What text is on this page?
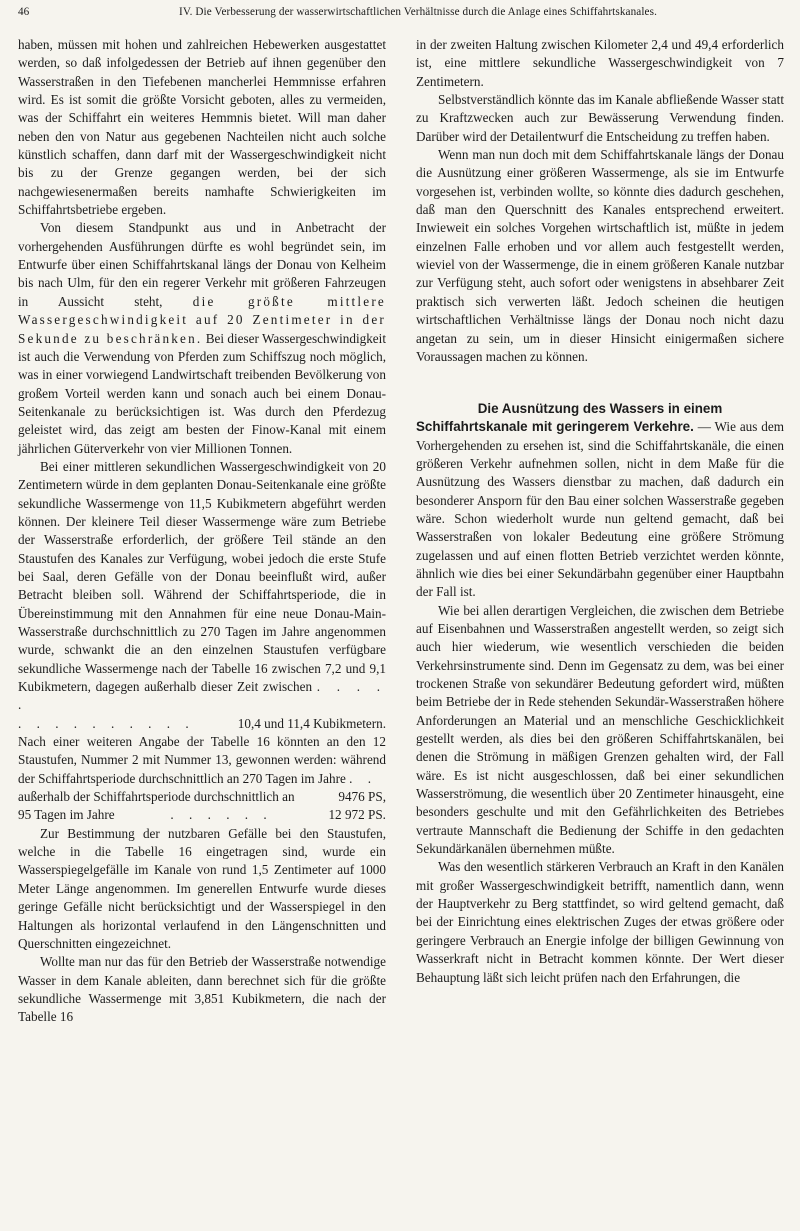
46	IV. Die Verbesserung der wasserwirtschaftlichen Verhältnisse durch die Anlage eines Schiffahrtskanales.

haben, müssen mit hohen und zahlreichen Hebewerken ausgestattet werden, so daß infolgedessen der Betrieb auf ihnen gegenüber den Wasserstraßen in den Tiefebenen mancherlei Hemmnisse erfahren wird. Es ist somit die größte Vorsicht geboten, alles zu vermeiden, was der Schiffahrt ein weiteres Hemmnis bietet. Will man daher neben den von Natur aus gegebenen Nachteilen nicht auch solche künstlich schaffen, dann darf mit der Wassergeschwindigkeit nicht bis zu der Grenze gegangen werden, bei der sich nachgewiesenermaßen bereits namhafte Schwierigkeiten im Schiffahrtsbetriebe ergeben.

Von diesem Standpunkt aus und in Anbetracht der vorhergehenden Ausführungen dürfte es wohl begründet sein, im Entwurfe über einen Schiffahrtskanal längs der Donau von Kelheim bis nach Ulm, für den ein regerer Verkehr mit größeren Fahrzeugen in Aussicht steht, die größte mittlere Wassergeschwindigkeit auf 20 Zentimeter in der Sekunde zu beschränken. Bei dieser Wassergeschwindigkeit ist auch die Verwendung von Pferden zum Schiffszug noch möglich, was in einer vorwiegend Landwirtschaft treibenden Bevölkerung von großem Vorteil werden kann und sonach auch bei einem Donau-Seitenkanale zu berücksichtigen ist. Was durch den Pferdezug geleistet wird, das zeigt am besten der Finow-Kanal mit einem jährlichen Güterverkehr von vier Millionen Tonnen.

Bei einer mittleren sekundlichen Wassergeschwindigkeit von 20 Zentimetern würde in dem geplanten Donau-Seitenkanale eine größte sekundliche Wassermenge von 11,5 Kubikmetern abgeführt werden können. Der kleinere Teil dieser Wassermenge wäre zum Betriebe der Wasserstraße erforderlich, der größere Teil stände an den Staustufen des Kanales zur Verfügung, wobei jedoch die erste Stufe bei Saal, deren Gefälle von der Donau beeinflußt wird, außer Betracht bleiben soll. Während der Schiffahrtsperiode, die in Übereinstimmung mit den Annahmen für eine neue Donau-Main-Wasserstraße durchschnittlich zu 270 Tagen im Jahre angenommen wurde, schwankt die an den einzelnen Staustufen verfügbare sekundliche Wassermenge nach der Tabelle 16 zwischen 7,2 und 9,1 Kubikmetern, dagegen außerhalb dieser Zeit zwischen . . . . .

. . . . . . . . . .	10,4 und 11,4 Kubikmetern.

Nach einer weiteren Angabe der Tabelle 16 könnten an den 12 Staustufen, Nummer 2 mit Nummer 13, gewonnen werden: während der Schiffahrtsperiode durchschnittlich an 270 Tagen im Jahre . .
9476 PS,

außerhalb der Schiffahrtsperiode durchschnittlich an

95 Tagen im Jahre	. . . . . .	12 972 PS.

Zur Bestimmung der nutzbaren Gefälle bei den Staustufen, welche in die Tabelle 16 eingetragen sind, wurde ein Wasserspiegelgefälle im Kanale von rund 1,5 Zentimeter auf 1000 Meter Länge angenommen. Im generellen Entwurfe wurde dieses geringe Gefälle nicht berücksichtigt und der Wasserspiegel in den Haltungen als horizontal verlaufend in den Längenschnitten und Querschnitten eingezeichnet.

Wollte man nur das für den Betrieb der Wasserstraße notwendige Wasser in dem Kanale ableiten, dann berechnet sich für die größte sekundliche Wassermenge mit 3,851 Kubikmetern, die nach der Tabelle 16

in der zweiten Haltung zwischen Kilometer 2,4 und 49,4 erforderlich ist, eine mittlere sekundliche Wassergeschwindigkeit von 7 Zentimetern.

Selbstverständlich könnte das im Kanale abfließende Wasser statt zu Kraftzwecken auch zur Bewässerung Verwendung finden. Darüber wird der Detailentwurf die Entscheidung zu treffen haben.

Wenn man nun doch mit dem Schiffahrtskanale längs der Donau die Ausnützung einer größeren Wassermenge, als sie im Entwurfe vorgesehen ist, verbinden wollte, so könnte dies dadurch geschehen, daß man den Querschnitt des Kanales entsprechend erweitert. Inwieweit ein solches Vorgehen wirtschaftlich ist, müßte in jedem einzelnen Falle erhoben und vor allem auch festgestellt werden, wieviel von der Wassermenge, die in einem größeren Kanale nutzbar zur Verfügung steht, auch sofort oder wenigstens in absehbarer Zeit praktisch sich verwerten läßt. Jedoch scheinen die heutigen wirtschaftlichen Verhältnisse längs der Donau noch nicht dazu angetan zu sein, um in dieser Hinsicht einigermaßen sichere Voraussagen machen zu können.

Die Ausnützung des Wassers in einem

Schiffahrtskanale mit geringerem Verkehre. — Wie aus dem Vorhergehenden zu ersehen ist, sind die Schiffahrtskanäle, die einen größeren Verkehr aufnehmen sollen, nicht in dem Maße für die Ausnützung des Wassers dienstbar zu machen, daß dadurch ein besonderer Ansporn für den Bau einer solchen Wasserstraße gegeben wäre. Schon wiederholt wurde nun geltend gemacht, daß bei Wasserstraßen von lokaler Bedeutung eine größere Strömung zugelassen und auf einen flotten Betrieb verzichtet werden könnte, ähnlich wie dies bei einer Sekundärbahn gegenüber einer Hauptbahn der Fall ist.

Wie bei allen derartigen Vergleichen, die zwischen dem Betriebe auf Eisenbahnen und Wasserstraßen angestellt werden, so zeigt sich auch hier wiederum, wie wesentlich verschieden die beiden Verkehrsinstrumente sind. Denn im Gegensatz zu dem, was bei einer trockenen Straße von sekundärer Bedeutung gefordert wird, müßten beim Betriebe der in Rede stehenden Sekundär-Wasserstraßen höhere Anforderungen an Material und an menschliche Geschicklichkeit gestellt werden, als dies bei den größeren Schiffahrtskanälen, bei denen die Strömung in mäßigen Grenzen gehalten wird, der Fall wäre. Es ist nicht ausgeschlossen, daß bei einer sekundlichen Wasserströmung, die wesentlich über 20 Zentimeter hinausgeht, eine besonders geschulte und mit den Gefährlichkeiten des Betriebes vertraute Mannschaft die Bedienung der Schiffe in den gedachten Sekundärkanälen übernehmen müßte.

Was den wesentlich stärkeren Verbrauch an Kraft in den Kanälen mit großer Wassergeschwindigkeit betrifft, namentlich dann, wenn der Hauptverkehr zu Berg stattfindet, so wird geltend gemacht, daß bei der Einrichtung eines elektrischen Zuges der etwas größere oder geringere Verbrauch an Energie infolge der billigen Gewinnung von Wasserkraft nicht in Betracht kommen könnte. Der Wert dieser Behauptung läßt sich leicht prüfen nach den Erfahrungen, die
